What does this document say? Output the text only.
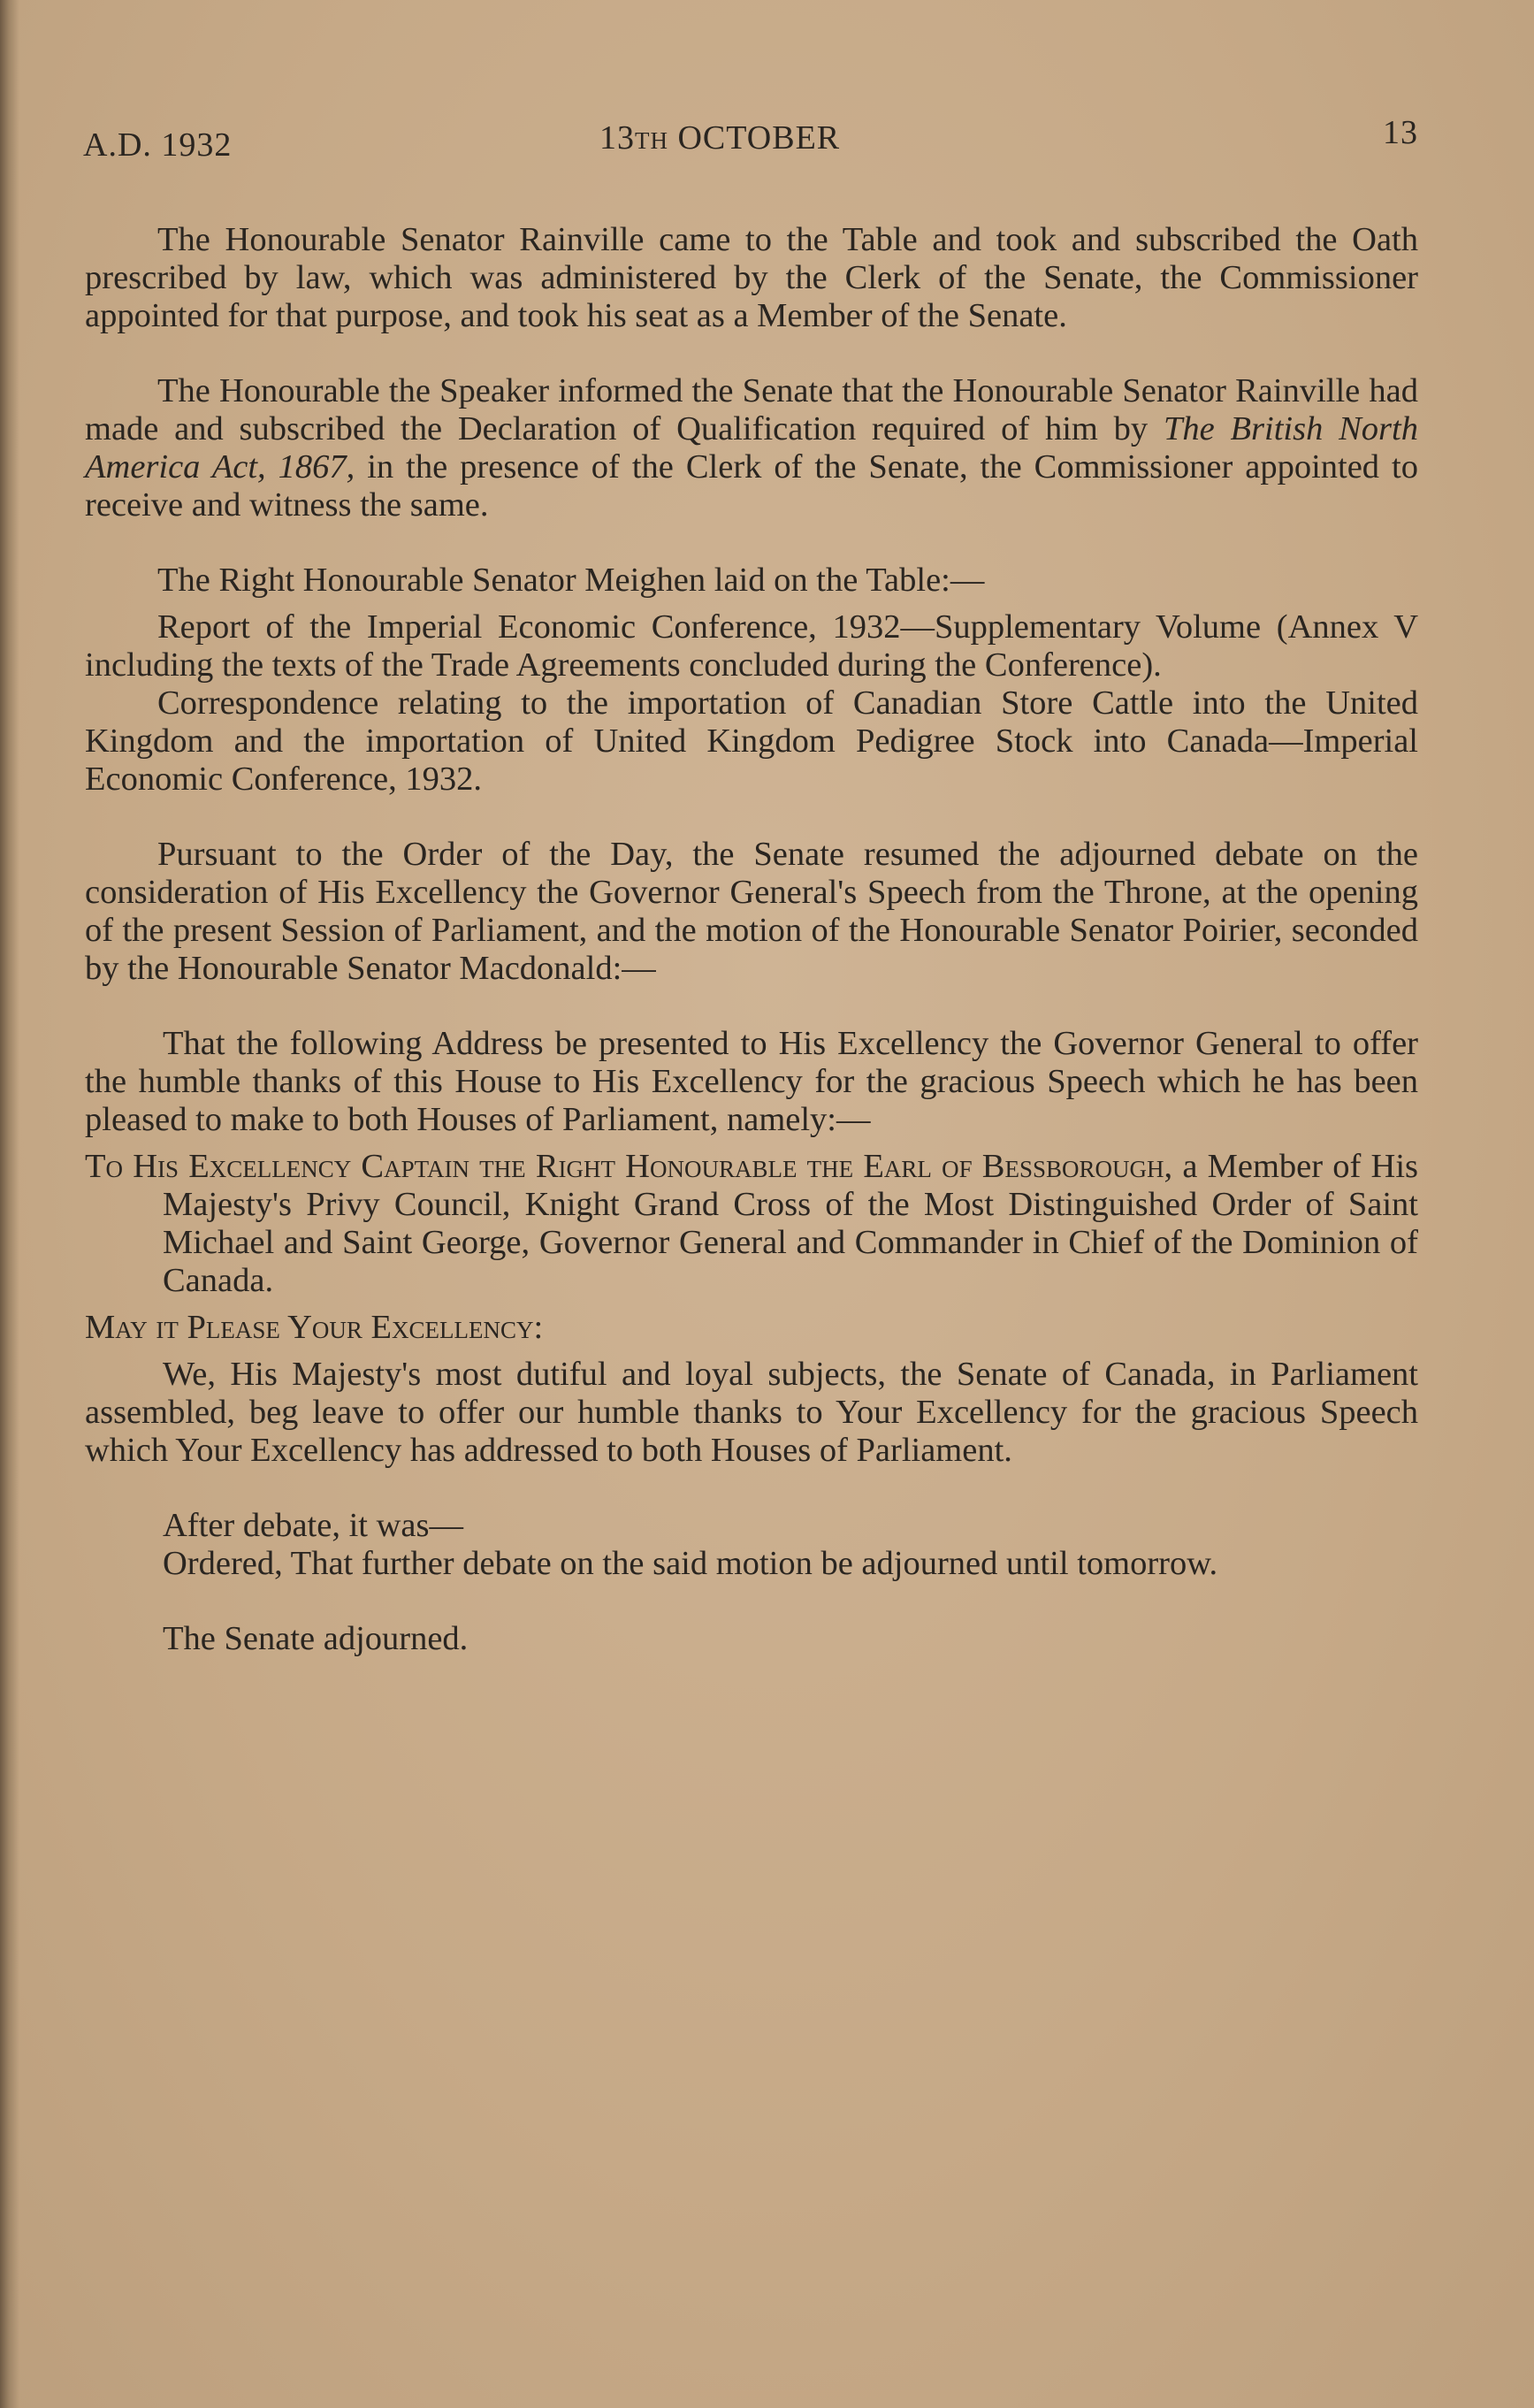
A.D. 1932	13th OCTOBER	13

The Honourable Senator Rainville came to the Table and took and subscribed the Oath prescribed by law, which was administered by the Clerk of the Senate, the Commissioner appointed for that purpose, and took his seat as a Member of the Senate.

The Honourable the Speaker informed the Senate that the Honourable Senator Rainville had made and subscribed the Declaration of Qualification required of him by The British North America Act, 1867, in the presence of the Clerk of the Senate, the Commissioner appointed to receive and witness the same.

The Right Honourable Senator Meighen laid on the Table:—

Report of the Imperial Economic Conference, 1932—Supplementary Volume (Annex V including the texts of the Trade Agreements concluded during the Conference).

Correspondence relating to the importation of Canadian Store Cattle into the United Kingdom and the importation of United Kingdom Pedigree Stock into Canada—Imperial Economic Conference, 1932.

Pursuant to the Order of the Day, the Senate resumed the adjourned debate on the consideration of His Excellency the Governor General's Speech from the Throne, at the opening of the present Session of Parliament, and the motion of the Honourable Senator Poirier, seconded by the Honourable Senator Macdonald:—

That the following Address be presented to His Excellency the Governor General to offer the humble thanks of this House to His Excellency for the gracious Speech which he has been pleased to make to both Houses of Parliament, namely:—

To His Excellency Captain the Right Honourable the Earl of Bessborough, a Member of His Majesty's Privy Council, Knight Grand Cross of the Most Distinguished Order of Saint Michael and Saint George, Governor General and Commander in Chief of the Dominion of Canada.

May it Please Your Excellency:

We, His Majesty's most dutiful and loyal subjects, the Senate of Canada, in Parliament assembled, beg leave to offer our humble thanks to Your Excellency for the gracious Speech which Your Excellency has addressed to both Houses of Parliament.

After debate, it was—

Ordered, That further debate on the said motion be adjourned until tomorrow.

The Senate adjourned.
